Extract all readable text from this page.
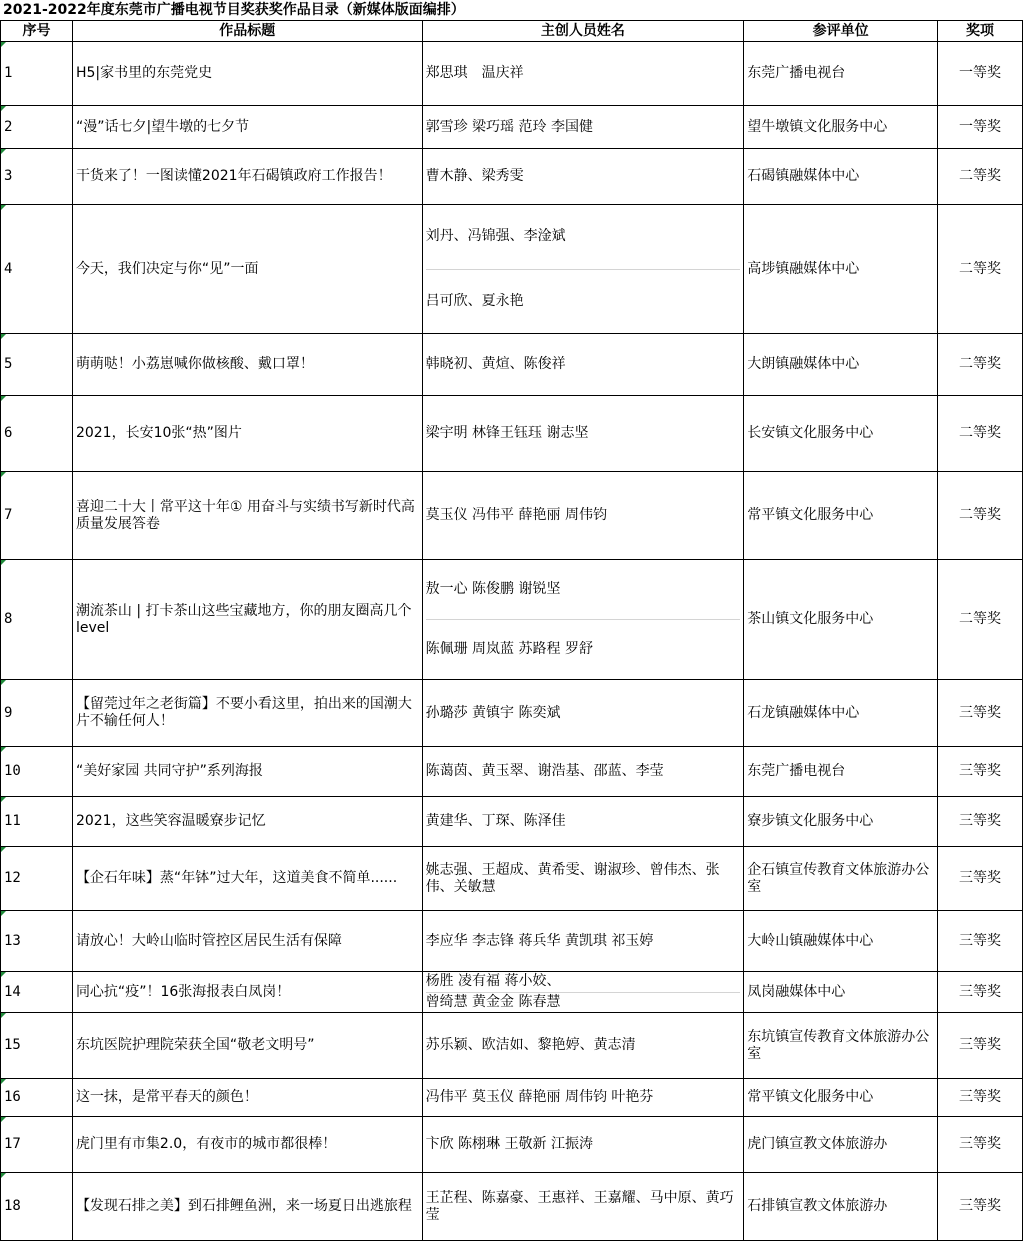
2021-2022年度东莞市广播电视节目奖获奖作品目录（新媒体版面编排）
序号	作品标题	主创人员姓名	参评单位	奖项
1	H5|家书里的东莞党史	郑思琪　温庆祥	东莞广播电视台	一等奖
2	“漫”话七夕|望牛墩的七夕节	郭雪珍 梁巧瑶 范玲 李国健	望牛墩镇文化服务中心	一等奖
3	干货来了！一图读懂2021年石碣镇政府工作报告！	曹木静、梁秀雯	石碣镇融媒体中心	二等奖
4	今天，我们决定与你“见”一面	刘丹、冯锦强、李淦斌
吕可欣、夏永艳	高埗镇融媒体中心	二等奖
5	萌萌哒！小荔崽喊你做核酸、戴口罩！	韩晓初、黄煊、陈俊祥	大朗镇融媒体中心	二等奖
6	2021，长安10张“热”图片	梁宇明 林锋王钰珏 谢志坚	长安镇文化服务中心	二等奖
7	喜迎二十大丨常平这十年① 用奋斗与实绩书写新时代高质量发展答卷	莫玉仪 冯伟平 薛艳丽 周伟钧	常平镇文化服务中心	二等奖
8	潮流茶山 | 打卡茶山这些宝藏地方，你的朋友圈高几个level	敖一心 陈俊鹏 谢锐坚
陈佩珊 周岚蓝 苏路程 罗舒	茶山镇文化服务中心	二等奖
9	【留莞过年之老街篇】不要小看这里，拍出来的国潮大片不输任何人！	孙璐莎 黄镇宇 陈奕斌	石龙镇融媒体中心	三等奖
10	“美好家园 共同守护”系列海报	陈蔼茵、黄玉翠、谢浩基、邵蓝、李莹	东莞广播电视台	三等奖
11	2021，这些笑容温暖寮步记忆	黄建华、丁琛、陈泽佳	寮步镇文化服务中心	三等奖
12	【企石年味】蒸“年钵”过大年，这道美食不简单......	姚志强、王超成、黄希雯、谢淑珍、曾伟杰、张伟、关敏慧	企石镇宣传教育文体旅游办公室	三等奖
13	请放心！大岭山临时管控区居民生活有保障	李应华 李志锋 蒋兵华 黄凯琪 祁玉婷	大岭山镇融媒体中心	三等奖
14	同心抗“疫”！16张海报表白凤岗！	杨胜 凌有福 蒋小姣、
曾绮慧 黄金金 陈春慧	凤岗融媒体中心	三等奖
15	东坑医院护理院荣获全国“敬老文明号”	苏乐颖、欧洁如、黎艳婷、黄志清	东坑镇宣传教育文体旅游办公室	三等奖
16	这一抹，是常平春天的颜色！	冯伟平 莫玉仪 薛艳丽 周伟钧 叶艳芬	常平镇文化服务中心	三等奖
17	虎门里有市集2.0，有夜市的城市都很棒！	卞欣 陈栩琳 王敬新 江振涛	虎门镇宣教文体旅游办	三等奖
18	【发现石排之美】到石排鲤鱼洲，来一场夏日出逃旅程	王芷程、陈嘉豪、王惠祥、王嘉耀、马中原、黄巧莹	石排镇宣教文体旅游办	三等奖
